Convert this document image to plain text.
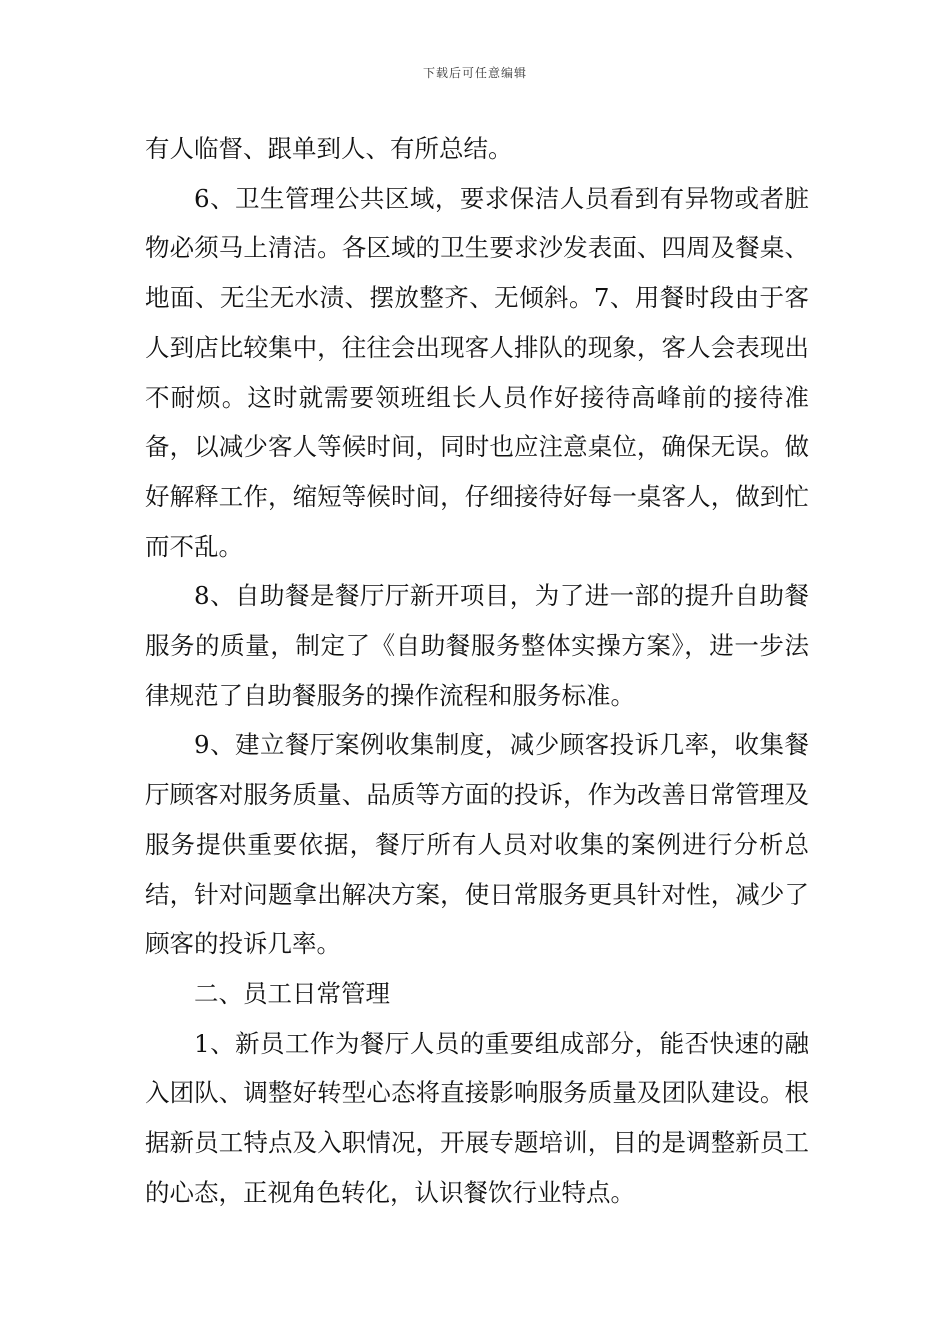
下载后可任意编辑

有人临督、跟单到人、有所总结。

6、卫生管理公共区域，要求保洁人员看到有异物或者脏物必须马上清洁。各区域的卫生要求沙发表面、四周及餐桌、地面、无尘无水渍、摆放整齐、无倾斜。7、用餐时段由于客人到店比较集中，往往会出现客人排队的现象，客人会表现出不耐烦。这时就需要领班组长人员作好接待高峰前的接待准备，以减少客人等候时间，同时也应注意桌位，确保无误。做好解释工作，缩短等候时间，仔细接待好每一桌客人，做到忙而不乱。

8、自助餐是餐厅厅新开项目，为了进一部的提升自助餐服务的质量，制定了《自助餐服务整体实操方案》，进一步法律规范了自助餐服务的操作流程和服务标准。

9、建立餐厅案例收集制度，减少顾客投诉几率，收集餐厅顾客对服务质量、品质等方面的投诉，作为改善日常管理及服务提供重要依据，餐厅所有人员对收集的案例进行分析总结，针对问题拿出解决方案，使日常服务更具针对性，减少了顾客的投诉几率。

二、员工日常管理

1、新员工作为餐厅人员的重要组成部分，能否快速的融入团队、调整好转型心态将直接影响服务质量及团队建设。根据新员工特点及入职情况，开展专题培训，目的是调整新员工的心态，正视角色转化，认识餐饮行业特点。
